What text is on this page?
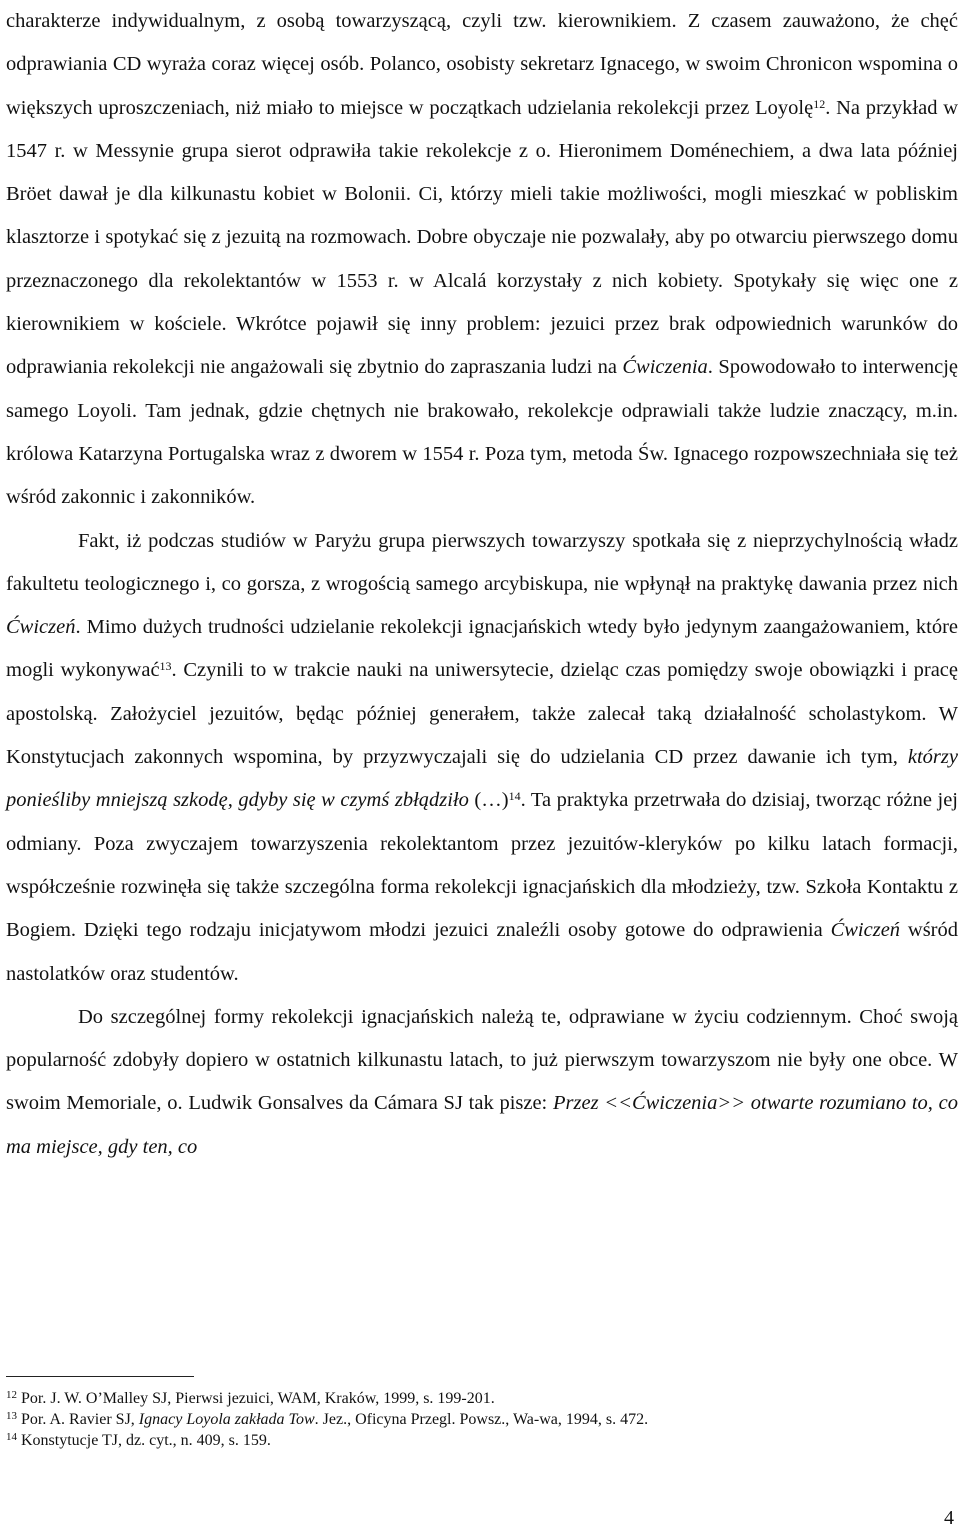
charakterze indywidualnym, z osobą towarzyszącą, czyli tzw. kierownikiem. Z czasem zauważono, że chęć odprawiania CD wyraża coraz więcej osób. Polanco, osobisty sekretarz Ignacego, w swoim Chronicon wspomina o większych uproszczeniach, niż miało to miejsce w początkach udzielania rekolekcji przez Loyolę$^{12}$. Na przykład w 1547 r. w Messynie grupa sierot odprawiła takie rekolekcje z o. Hieronimem Doménechiem, a dwa lata później Bröet dawał je dla kilkunastu kobiet w Bolonii. Ci, którzy mieli takie możliwości, mogli mieszkać w pobliskim klasztorze i spotykać się z jezuitą na rozmowach. Dobre obyczaje nie pozwalały, aby po otwarciu pierwszego domu przeznaczonego dla rekolektantów w 1553 r. w Alcalá korzystały z nich kobiety. Spotykały się więc one z kierownikiem w kościele. Wkrótce pojawił się inny problem: jezuici przez brak odpowiednich warunków do odprawiania rekolekcji nie angażowali się zbytnio do zapraszania ludzi na Ćwiczenia. Spowodowało to interwencję samego Loyoli. Tam jednak, gdzie chętnych nie brakowało, rekolekcje odprawiali także ludzie znaczący, m.in. królowa Katarzyna Portugalska wraz z dworem w 1554 r. Poza tym, metoda Św. Ignacego rozpowszechniała się też wśród zakonnic i zakonników.

Fakt, iż podczas studiów w Paryżu grupa pierwszych towarzyszy spotkała się z nieprzychylnością władz fakultetu teologicznego i, co gorsza, z wrogością samego arcybiskupa, nie wpłynął na praktykę dawania przez nich Ćwiczeń. Mimo dużych trudności udzielanie rekolekcji ignacjańskich wtedy było jedynym zaangażowaniem, które mogli wykonywać$^{13}$. Czynili to w trakcie nauki na uniwersytecie, dzieląc czas pomiędzy swoje obowiązki i pracę apostolską. Założyciel jezuitów, będąc później generałem, także zalecał taką działalność scholastykom. W Konstytucjach zakonnych wspomina, by przyzwyczajali się do udzielania CD przez dawanie ich tym, którzy ponieśliby mniejszą szkodę, gdyby się w czymś zbłądziło (…)$^{14}$. Ta praktyka przetrwała do dzisiaj, tworząc różne jej odmiany. Poza zwyczajem towarzyszenia rekolektantom przez jezuitów-kleryków po kilku latach formacji, współcześnie rozwinęła się także szczególna forma rekolekcji ignacjańskich dla młodzieży, tzw. Szkoła Kontaktu z Bogiem. Dzięki tego rodzaju inicjatywom młodzi jezuici znaleźli osoby gotowe do odprawienia Ćwiczeń wśród nastolatków oraz studentów.

Do szczególnej formy rekolekcji ignacjańskich należą te, odprawiane w życiu codziennym. Choć swoją popularność zdobyły dopiero w ostatnich kilkunastu latach, to już pierwszym towarzyszom nie były one obce. W swoim Memoriale, o. Ludwik Gonsalves da Cámara SJ tak pisze: Przez <<Ćwiczenia>> otwarte rozumiano to, co ma miejsce, gdy ten, co

$^{12}$ Por. J. W. O’Malley SJ, Pierwsi jezuici, WAM, Kraków, 1999, s. 199-201.

$^{13}$ Por. A. Ravier SJ, Ignacy Loyola zakłada Tow. Jez., Oficyna Przegl. Powsz., Wa-wa, 1994, s. 472.

$^{14}$ Konstytucje TJ, dz. cyt., n. 409, s. 159.

4
